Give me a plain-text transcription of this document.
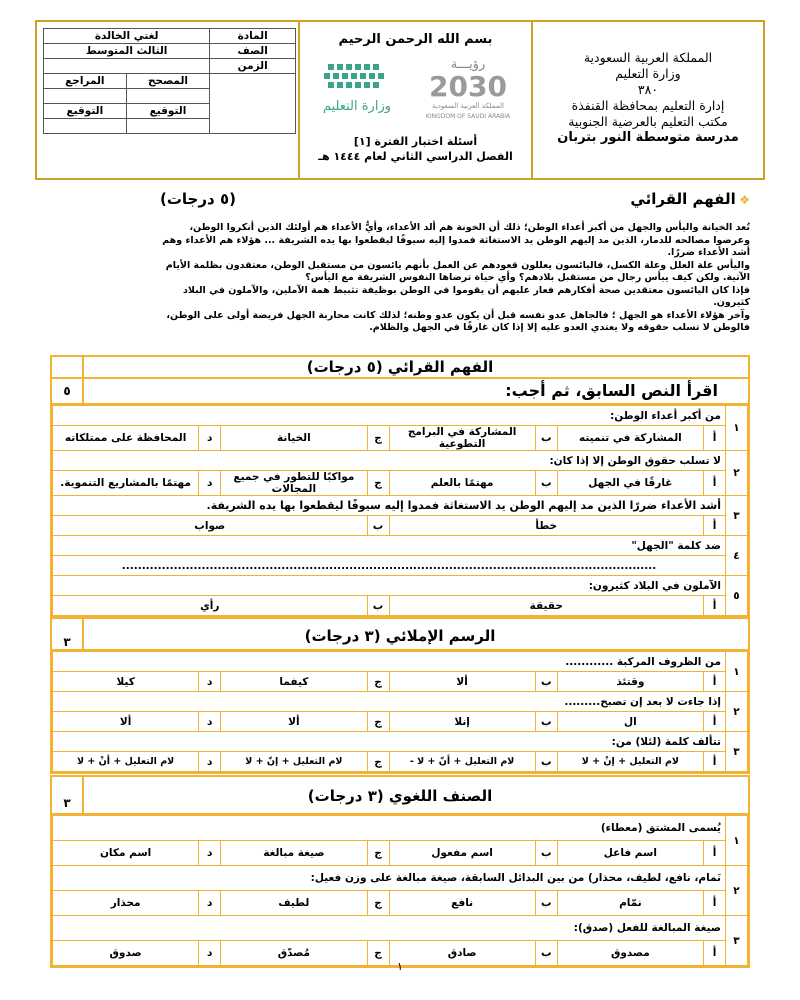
المملكة العربية السعودية
وزارة التعليم
٣٨٠
إدارة التعليم بمحافظة القنفذة
مكتب التعليم بالعرضية الجنوبية
مدرسة متوسطة النور بتربان
بسم الله الرحمن الرحيم
رؤيـــة
2030
المملكة العربية السعودية
KINGDOM OF SAUDI ARABIA
وزارة التعليم
أسئلة اختبار الفترة [١]
الفصل الدراسي الثاني لعام ١٤٤٤ هـ
المادة	لغتي الخالدة	
الصف	الثالث المتوسط	
الزمن		
	المصحح	المراجع

	التوقيع	التوقيع

❖ الفهم القرائي
(٥ درجات)

تُعد الخيانة واليأس والجهل من أكبر أعداء الوطن؛ ذلك أن الخونة هم ألد الأعداء، وأيُّ الأعداء هم أولئك الذين أنكروا الوطن،

وعرضوا مصالحه للدمار، الذين مد إليهم الوطن يد الاستغاثة فمدوا إليه سيوفًا ليقطعوا بها يده الشريفة ... هؤلاء هم الأعداء وهم

أشد الأعداء ضررًا.

واليأس علة العلل وعلة الكسل، فاليائسون يعللون قعودهم عن العمل بأنهم يائسون من مستقبل الوطن، معتقدون بظلمة الأيام

الآتية. ولكن كيف ييأس رجال من مستقبل بلادهم؟ وأي حياة ترضاها النفوس الشريفة مع اليأس؟

فإذا كان اليائسون معتقدين صحة أفكارهم فعار عليهم أن يقوموا في الوطن بوظيفة تثبيط همة الآملين، والآملون في البلاد

كثيرون.

وآخر هؤلاء الأعداء هو الجهل ؛ فالجاهل عدو نفسه قبل أن يكون عدو وطنه؛ لذلك كانت محاربة الجهل فريضة أولى على الوطن،

فالوطن لا تسلب حقوقه ولا يعتدي العدو عليه إلا إذا كان غارقًا في الجهل والظلام.

الفهم القرائي (٥ درجات)
اقرأ النص السابق، ثم أجب:
٥
١	من أكبر أعداء الوطن:							
	أ	المشاركة في تنميته	ب	المشاركة في البرامج التطوعية	ج	الخيانة	د	المحافظة على ممتلكاته
٢	لا تسلب حقوق الوطن إلا إذا كان:							
	أ	غارقًا في الجهل	ب	مهتمًا بالعلم	ج	مواكبًا للتطور في جميع المجالات	د	مهتمًا بالمشاريع التنموية.
٣	أشد الأعداء ضررًا الذين مد إليهم الوطن يد الاستغاثة فمدوا إليه سيوفًا ليقطعوا بها يده الشريفة.							
	أ	خطأ			ب	صواب		
٤	ضد كلمة "الجهل"							
	......................................................................................................................................							
٥	الآملون في البلاد كثيرون:							
	أ	حقيقة			ب	رأي		
الرسم الإملائي (٣ درجات)
٣
١	من الظروف المركبة ............							
	أ	وقتئذ	ب	ألا	ج	كيفما	د	كيلا
٢	إذا جاءت لا بعد إن تصبح.........							
	أ	ال	ب	إنلا	ج	ألا	د	ألا
٣	تتألف كلمة (لئلا) من:							
	أ	لام التعليل + إنْ + لا	ب	لام التعليل + أنّ + لا -	ج	لام التعليل + إنّ + لا	د	لام التعليل + أنْ + لا
الصنف اللغوي (٣ درجات)
٣
١	يُسمى المشتق (معطاء)							
	أ	اسم فاعل	ب	اسم مفعول	ج	صيغة مبالغة	د	اسم مكان
٢	نَمام، نافع، لطيف، محذار) من بين البدائل السابقة، صيغة مبالغة على وزن فعيل:							
	أ	نمّام	ب	نافع	ج	لطيف	د	محذار
٣	صيغة المبالغة للفعل (صدق):							
	أ	مصدوق	ب	صادق	ج	مُصدّق	د	صدوق
١
